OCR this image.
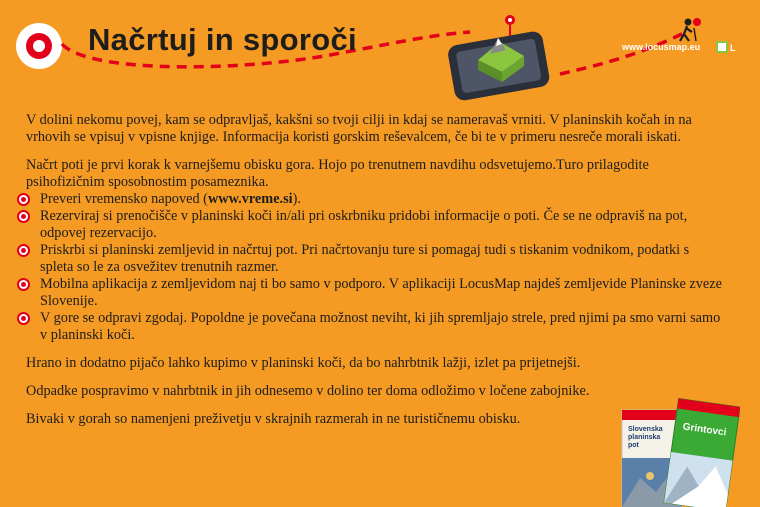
Načrtuj in sporoči	www.locusmap.eu	L

V dolini nekomu povej, kam se odpravljaš, kakšni so tvoji cilji in kdaj se nameravaš vrniti. V planinskih kočah in na vrhovih se vpisuj v vpisne knjige. Informacija koristi gorskim reševalcem, če bi te v primeru nesreče morali iskati.

Načrt poti je prvi korak k varnejšemu obisku gora. Hojo po trenutnem navdihu odsvetujemo.Turo prilagodite psihofizičnim sposobnostim posameznika.

Preveri vremensko napoved (www.vreme.si).
Rezerviraj si prenočišče v planinski koči in/ali pri oskrbniku pridobi informacije o poti. Če se ne odpraviš na pot, odpovej rezervacijo.
Priskrbi si planinski zemljevid in načrtuj pot. Pri načrtovanju ture si pomagaj tudi s tiskanim vodnikom, podatki s spleta so le za osvežitev trenutnih razmer.
Mobilna aplikacija z zemljevidom naj ti bo samo v podporo. V aplikaciji LocusMap najdeš zemljevide Planinske zveze Slovenije.
V gore se odpravi zgodaj. Popoldne je povečana možnost neviht, ki jih spremljajo strele, pred njimi pa smo varni samo v planinski koči.

Hrano in dodatno pijačo lahko kupimo v planinski koči, da bo nahrbtnik lažji, izlet pa prijetnejši.

Odpadke pospravimo v nahrbtnik in jih odnesemo v dolino ter doma odložimo v ločene zabojnike.

Bivaki v gorah so namenjeni preživetju v skrajnih razmerah in ne turističnemu obisku.

Slovenska planinska pot
Grintovci
